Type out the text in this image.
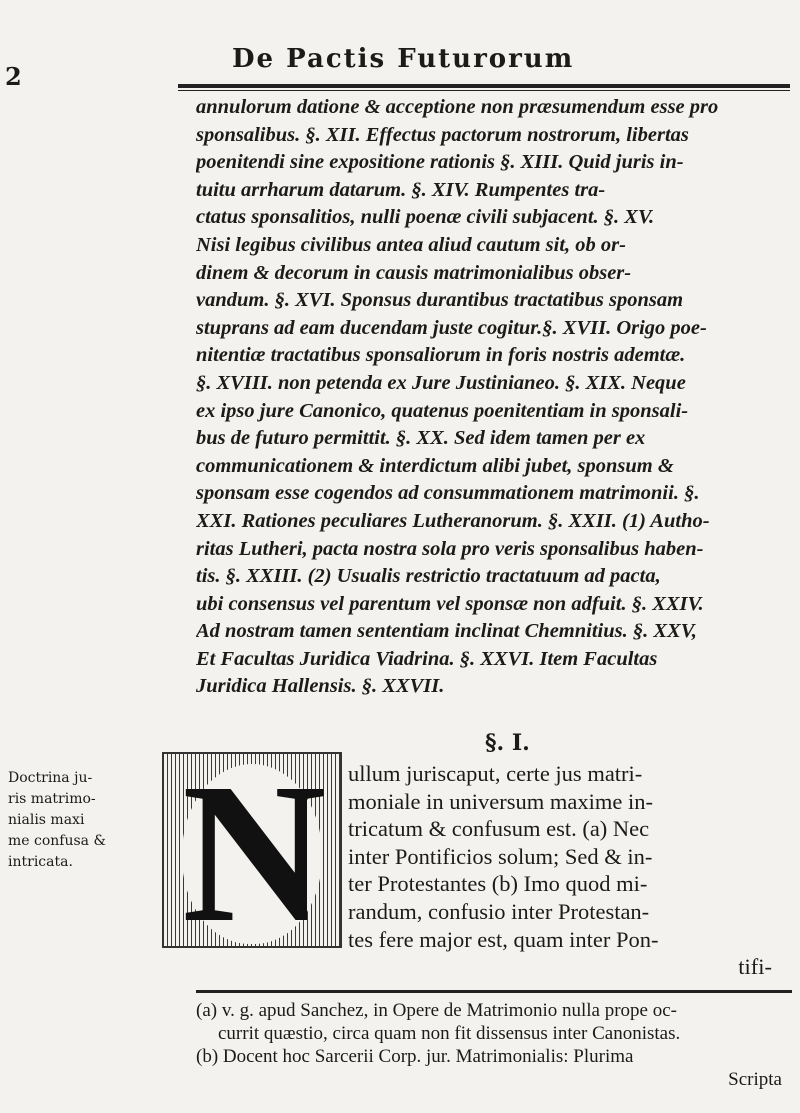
2
De Pactis Futurorum
annulorum datione & acceptione non præsumendum esse pro
sponsalibus. §. XII. Effectus pactorum nostrorum, libertas
poenitendi sine expositione rationis §. XIII. Quid juris in-
tuitu arrharum datarum. §. XIV. Rumpentes tra-
ctatus sponsalitios, nulli poenæ civili subjacent. §. XV.
Nisi legibus civilibus antea aliud cautum sit, ob or-
dinem & decorum in causis matrimonialibus obser-
vandum. §. XVI. Sponsus durantibus tractatibus sponsam
stuprans ad eam ducendam juste cogitur.§. XVII. Origo poe-
nitentiæ tractatibus sponsaliorum in foris nostris ademtæ.
§. XVIII. non petenda ex Jure Justinianeo. §. XIX. Neque
ex ipso jure Canonico, quatenus poenitentiam in sponsali-
bus de futuro permittit. §. XX. Sed idem tamen per ex
communicationem & interdictum alibi jubet, sponsum &
sponsam esse cogendos ad consummationem matrimonii. §.
XXI. Rationes peculiares Lutheranorum. §. XXII. (1) Autho-
ritas Lutheri, pacta nostra sola pro veris sponsalibus haben-
tis. §. XXIII. (2) Usualis restrictio tractatuum ad pacta,
ubi consensus vel parentum vel sponsæ non adfuit. §. XXIV.
Ad nostram tamen sententiam inclinat Chemnitius. §. XXV,
Et Facultas Juridica Viadrina. §. XXVI. Item Facultas
Juridica Hallensis. §. XXVII.
Doctrina ju-
ris matrimo-
nialis maxi
me confusa &
intricata. N	§. I.
ullum juriscaput, certe jus matri-
moniale in universum maxime in-
tricatum & confusum est. (a) Nec
inter Pontificios solum; Sed & in-
ter Protestantes (b) Imo quod mi-
randum, confusio inter Protestan-
tes fere major est, quam inter Pon-
tifi-
(a) v. g. apud Sanchez, in Opere de Matrimonio nulla prope oc-
currit quæstio, circa quam non fit dissensus inter Canonistas.
(b) Docent hoc Sarcerii Corp. jur. Matrimonialis: Plurima
Scripta
